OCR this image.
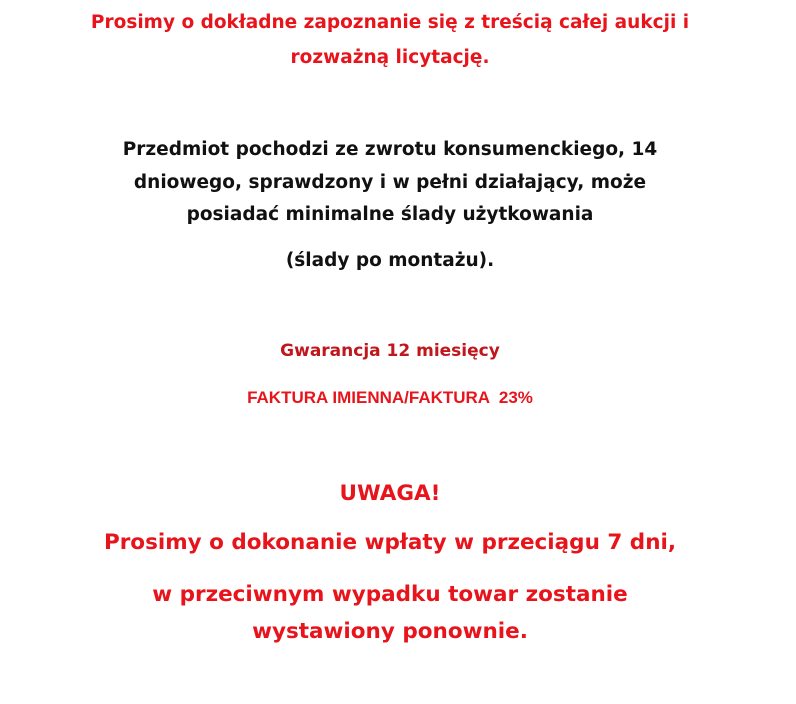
Prosimy o dokładne zapoznanie się z treścią całej aukcji i

rozważną licytację.

Przedmiot pochodzi ze zwrotu konsumenckiego, 14

dniowego, sprawdzony i w pełni działający, może

posiadać minimalne ślady użytkowania

(ślady po montażu).

Gwarancja 12 miesięcy

FAKTURA IMIENNA/FAKTURA  23%

UWAGA!

Prosimy o dokonanie wpłaty w przeciągu 7 dni,

w przeciwnym wypadku towar zostanie

wystawiony ponownie.
